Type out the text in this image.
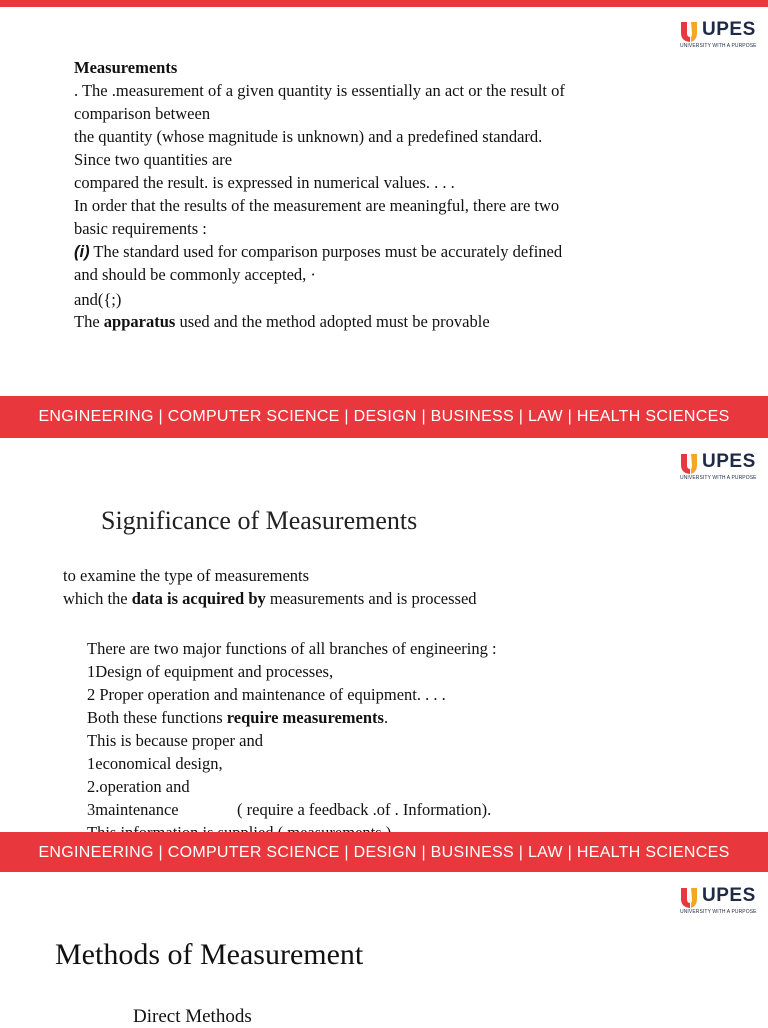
UPES
UNIVERSITY WITH A PURPOSE
Measurements
. The .measurement of a given quantity is essentially an act or the result of
comparison between
the quantity (whose magnitude is unknown) and a predefined standard.
Since two quantities are
compared the result. is expressed in numerical values. . . .
In order that the results of the measurement are meaningful, there are two
basic requirements :
(i) The standard used for comparison purposes must be accurately defined
and should be commonly accepted, ·
and({;)
The apparatus used and the method adopted must be provable
ENGINEERING | COMPUTER SCIENCE | DESIGN | BUSINESS | LAW | HEALTH SCIENCES
UPES
UNIVERSITY WITH A PURPOSE
Significance of Measurements
to examine the type of measurements
which the data is acquired by measurements and is processed
There are two major functions of all branches of engineering :
1Design of equipment and processes,
2 Proper operation and maintenance of equipment. . . .
Both these functions require measurements.
This is because proper and
1economical design,
2.operation and
3maintenance	( require a feedback .of . Information).
ENGINEERING | COMPUTER SCIENCE | DESIGN | BUSINESS | LAW | HEALTH SCIENCES
UPES
UNIVERSITY WITH A PURPOSE
Methods of Measurement
Direct Methods
